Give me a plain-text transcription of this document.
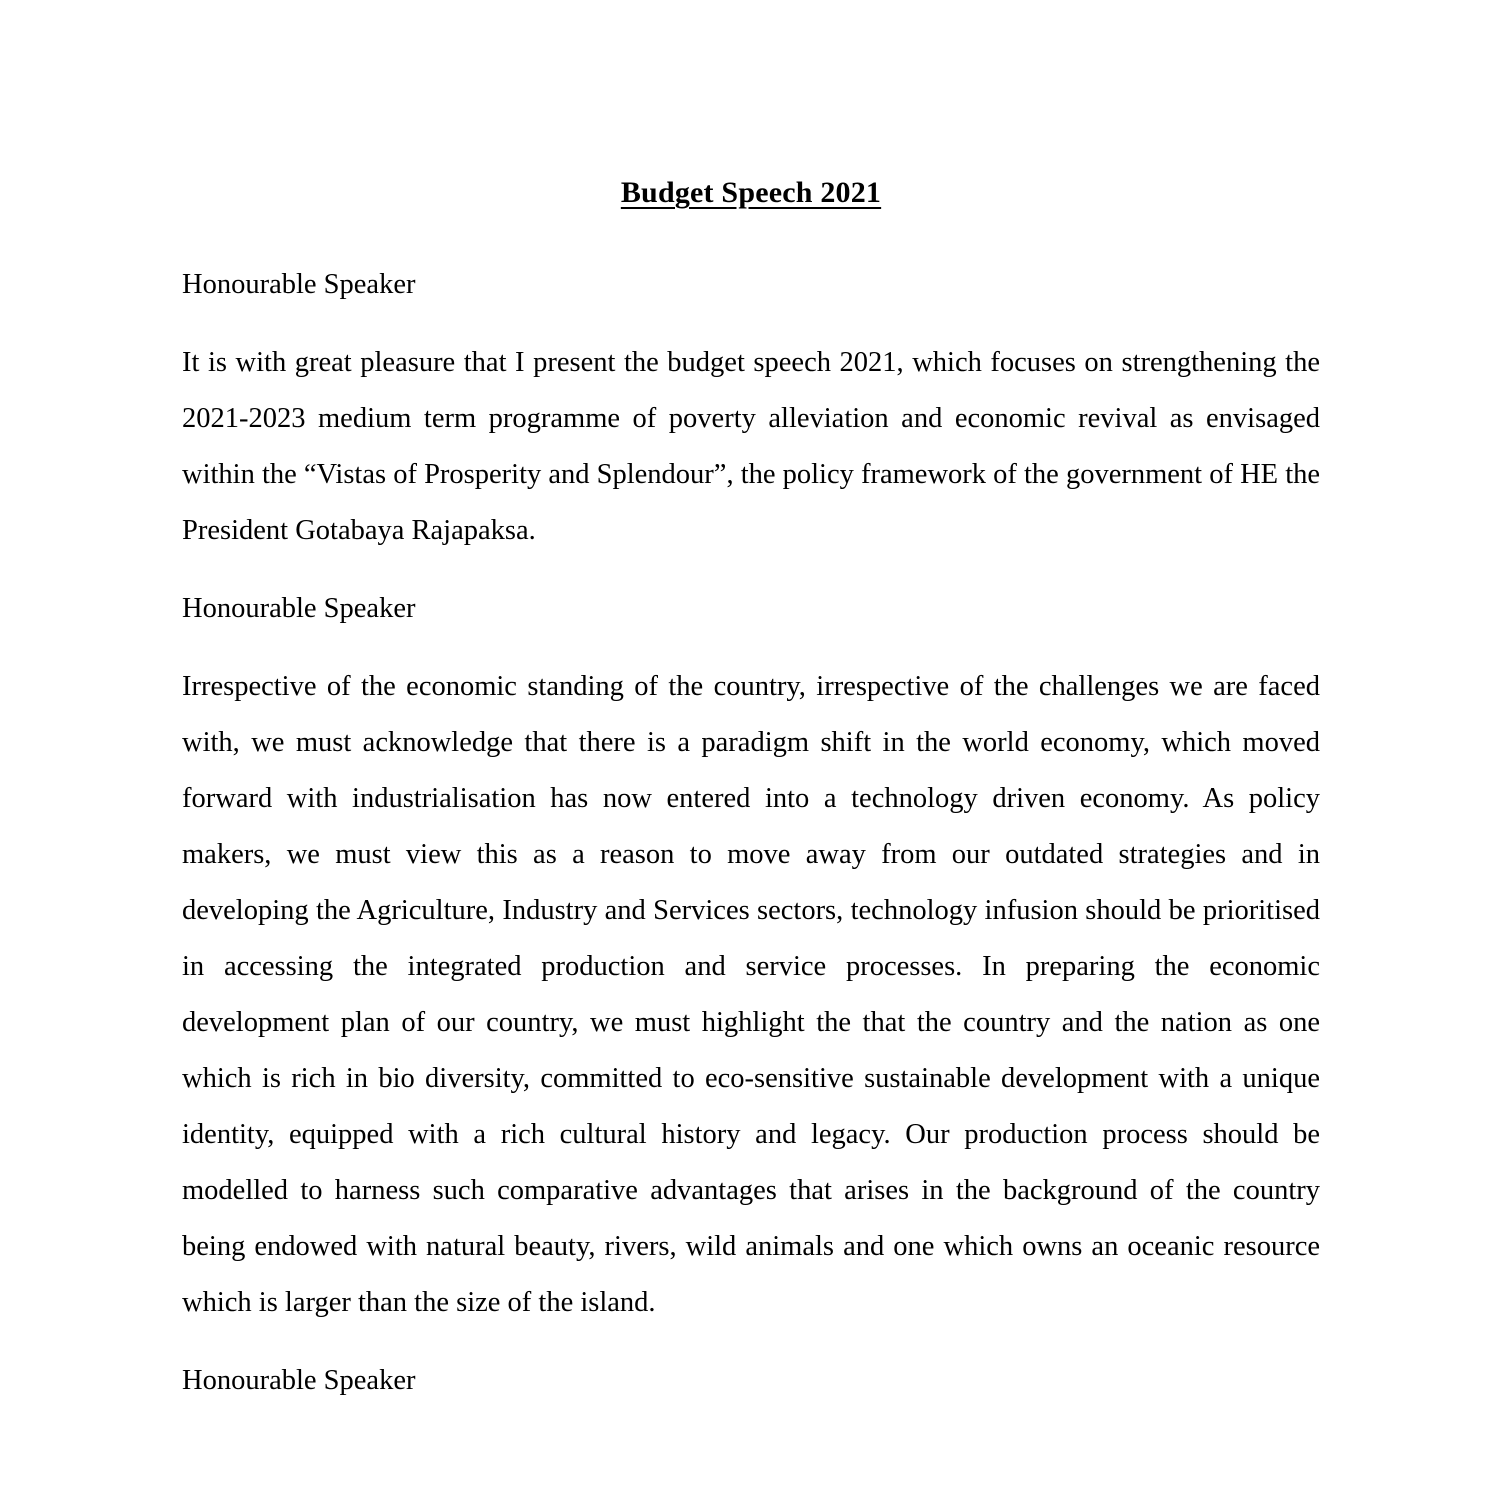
Budget Speech 2021

Honourable Speaker

It is with great pleasure that I present the budget speech 2021, which focuses on strengthening the 2021-2023 medium term programme of poverty alleviation and economic revival as envisaged within the “Vistas of Prosperity and Splendour”, the policy framework of the government of HE the President Gotabaya Rajapaksa.

Honourable Speaker

Irrespective of the economic standing of the country, irrespective of the challenges we are faced with, we must acknowledge that there is a paradigm shift in the world economy, which moved forward with industrialisation has now entered into a technology driven economy. As policy makers, we must view this as a reason to move away from our outdated strategies and in developing the Agriculture, Industry and Services sectors, technology infusion should be prioritised in accessing the integrated production and service processes. In preparing the economic development plan of our country, we must highlight the that the country and the nation as one which is rich in bio diversity, committed to eco-sensitive sustainable development with a unique identity, equipped with a rich cultural history and legacy. Our production process should be modelled to harness such comparative advantages that arises in the background of the country being endowed with natural beauty, rivers, wild animals and one which owns an oceanic resource which is larger than the size of the island.

Honourable Speaker
